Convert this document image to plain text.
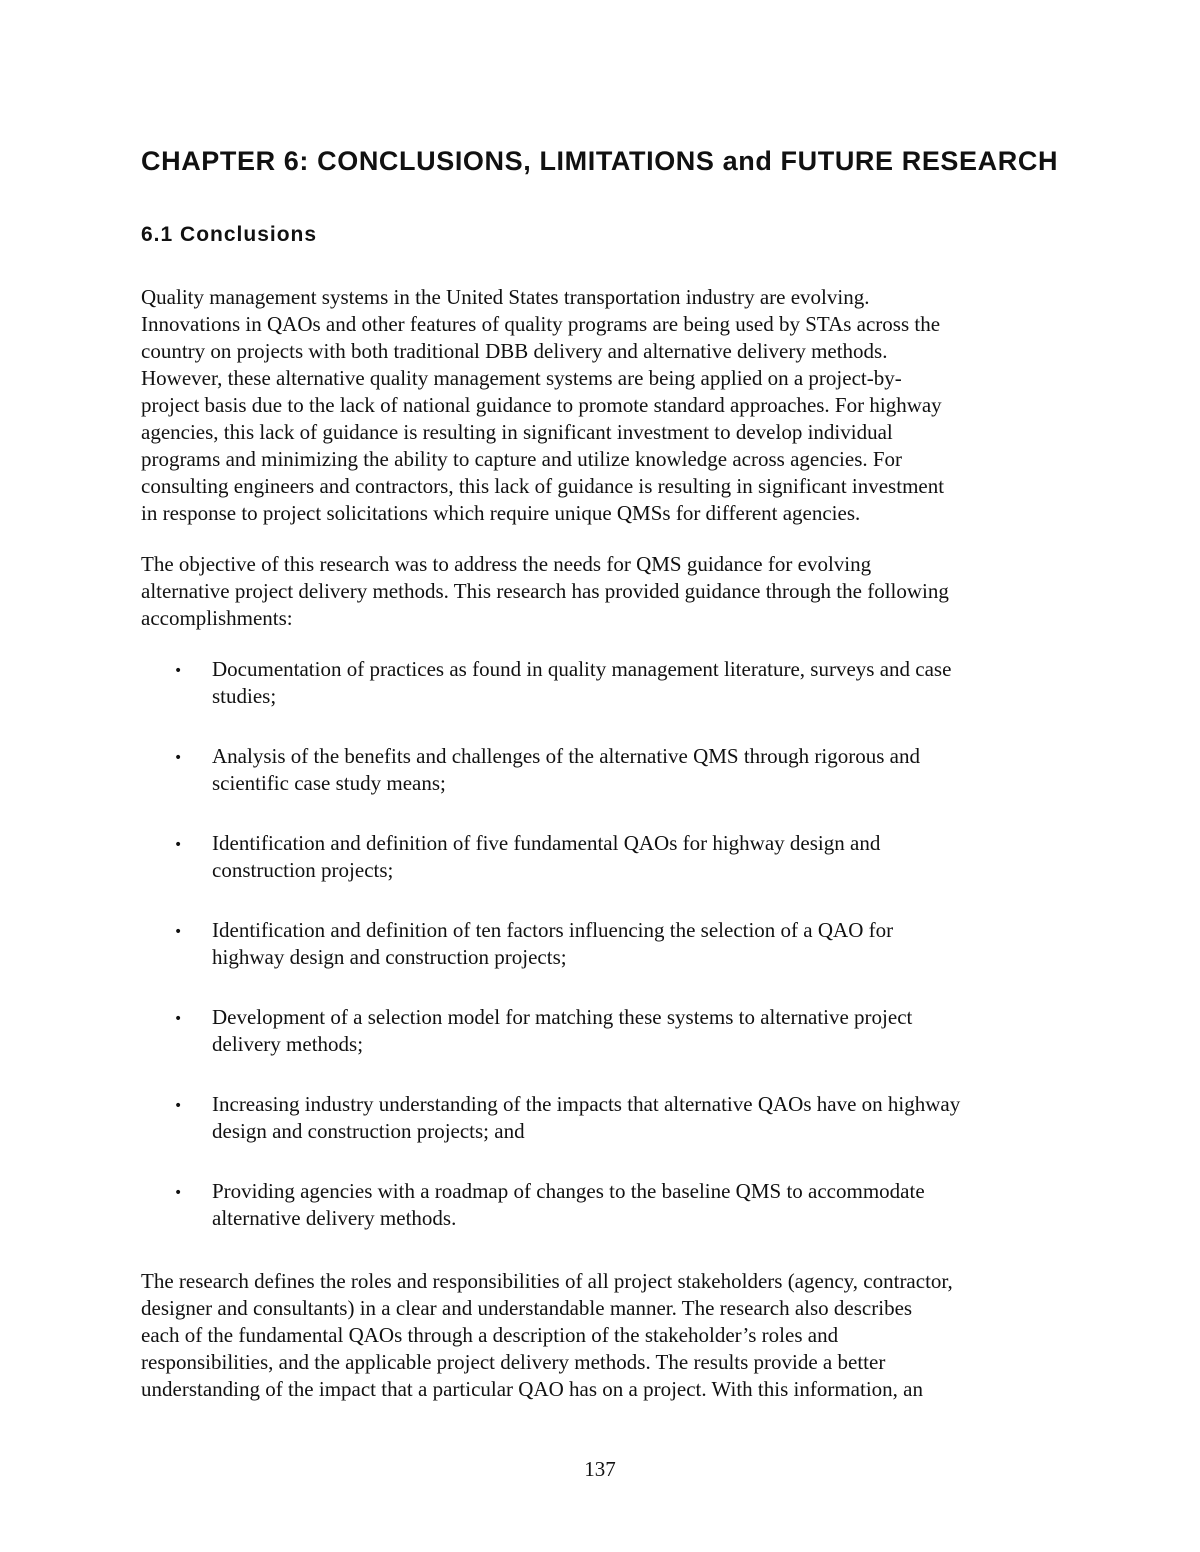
CHAPTER 6: CONCLUSIONS, LIMITATIONS and FUTURE RESEARCH
6.1 Conclusions

Quality management systems in the United States transportation industry are evolving.
Innovations in QAOs and other features of quality programs are being used by STAs across the
country on projects with both traditional DBB delivery and alternative delivery methods.
However, these alternative quality management systems are being applied on a project-by-
project basis due to the lack of national guidance to promote standard approaches. For highway
agencies, this lack of guidance is resulting in significant investment to develop individual
programs and minimizing the ability to capture and utilize knowledge across agencies. For
consulting engineers and contractors, this lack of guidance is resulting in significant investment
in response to project solicitations which require unique QMSs for different agencies.

The objective of this research was to address the needs for QMS guidance for evolving
alternative project delivery methods. This research has provided guidance through the following
accomplishments:

• Documentation of practices as found in quality management literature, surveys and case
studies;
• Analysis of the benefits and challenges of the alternative QMS through rigorous and
scientific case study means;
• Identification and definition of five fundamental QAOs for highway design and
construction projects;
• Identification and definition of ten factors influencing the selection of a QAO for
highway design and construction projects;
• Development of a selection model for matching these systems to alternative project
delivery methods;
• Increasing industry understanding of the impacts that alternative QAOs have on highway
design and construction projects; and
• Providing agencies with a roadmap of changes to the baseline QMS to accommodate
alternative delivery methods.

The research defines the roles and responsibilities of all project stakeholders (agency, contractor,
designer and consultants) in a clear and understandable manner. The research also describes
each of the fundamental QAOs through a description of the stakeholder’s roles and
responsibilities, and the applicable project delivery methods. The results provide a better
understanding of the impact that a particular QAO has on a project. With this information, an

137
